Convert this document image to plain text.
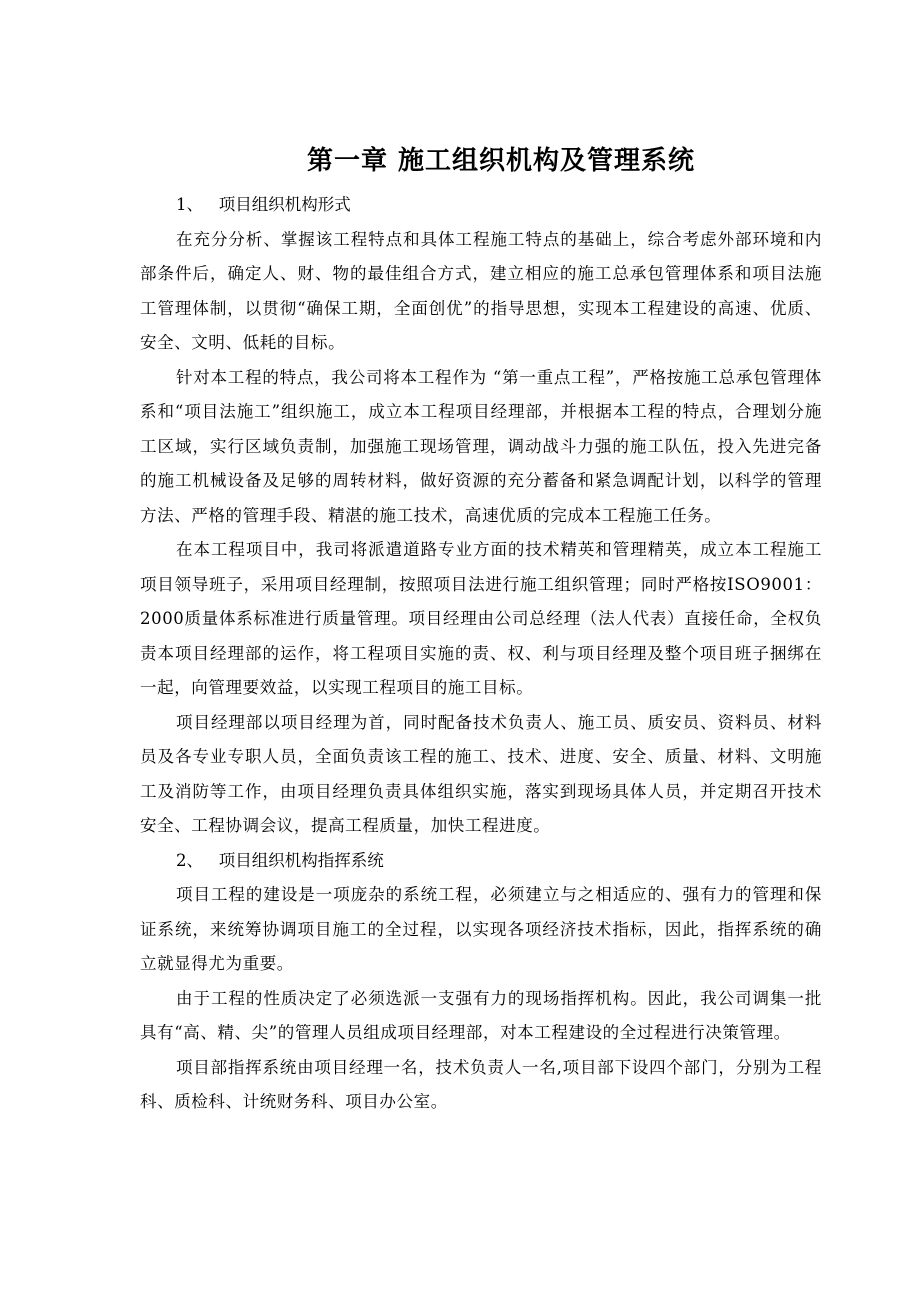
第一章 施工组织机构及管理系统

1、   项目组织机构形式

在充分分析、掌握该工程特点和具体工程施工特点的基础上，综合考虑外部环境和内部条件后，确定人、财、物的最佳组合方式，建立相应的施工总承包管理体系和项目法施工管理体制，以贯彻“确保工期，全面创优”的指导思想，实现本工程建设的高速、优质、安全、文明、低耗的目标。

针对本工程的特点，我公司将本工程作为 “第一重点工程”，严格按施工总承包管理体系和“项目法施工”组织施工，成立本工程项目经理部，并根据本工程的特点，合理划分施工区域，实行区域负责制，加强施工现场管理，调动战斗力强的施工队伍，投入先进完备的施工机械设备及足够的周转材料，做好资源的充分蓄备和紧急调配计划，以科学的管理方法、严格的管理手段、精湛的施工技术，高速优质的完成本工程施工任务。

在本工程项目中，我司将派遣道路专业方面的技术精英和管理精英，成立本工程施工项目领导班子，采用项目经理制，按照项目法进行施工组织管理；同时严格按ISO9001：2000质量体系标准进行质量管理。项目经理由公司总经理（法人代表）直接任命，全权负责本项目经理部的运作，将工程项目实施的责、权、利与项目经理及整个项目班子捆绑在一起，向管理要效益，以实现工程项目的施工目标。

项目经理部以项目经理为首，同时配备技术负责人、施工员、质安员、资料员、材料员及各专业专职人员，全面负责该工程的施工、技术、进度、安全、质量、材料、文明施工及消防等工作，由项目经理负责具体组织实施，落实到现场具体人员，并定期召开技术安全、工程协调会议，提高工程质量，加快工程进度。

2、   项目组织机构指挥系统

项目工程的建设是一项庞杂的系统工程，必须建立与之相适应的、强有力的管理和保证系统，来统筹协调项目施工的全过程，以实现各项经济技术指标，因此，指挥系统的确立就显得尤为重要。

由于工程的性质决定了必须选派一支强有力的现场指挥机构。因此，我公司调集一批具有“高、精、尖”的管理人员组成项目经理部，对本工程建设的全过程进行决策管理。

项目部指挥系统由项目经理一名，技术负责人一名,项目部下设四个部门，分别为工程科、质检科、计统财务科、项目办公室。
